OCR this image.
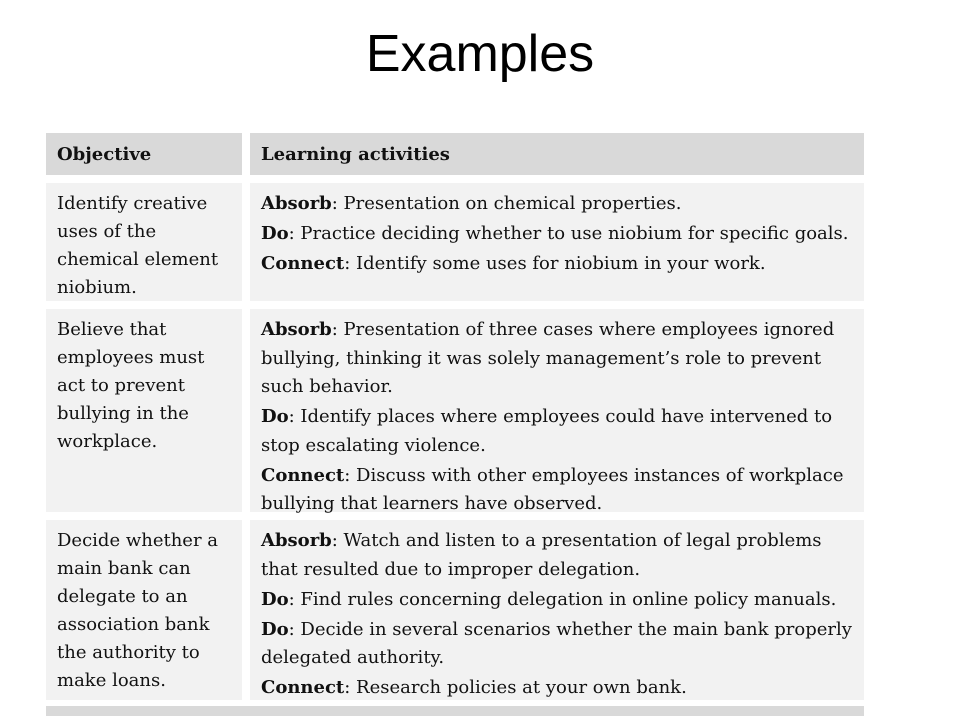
Examples
Objective	Learning activities
Identify creative uses of the chemical element niobium.

Absorb: Presentation on chemical properties.

Do: Practice deciding whether to use niobium for specific goals.

Connect: Identify some uses for niobium in your work.

Believe that employees must act to prevent bullying in the workplace.

Absorb: Presentation of three cases where employees ignored bullying, thinking it was solely management’s role to prevent such behavior.

Do: Identify places where employees could have intervened to stop escalating violence.

Connect: Discuss with other employees instances of workplace bullying that learners have observed.

Decide whether a main bank can delegate to an association bank the authority to make loans.

Absorb: Watch and listen to a presentation of legal problems that resulted due to improper delegation.

Do: Find rules concerning delegation in online policy manuals.

Do: Decide in several scenarios whether the main bank properly delegated authority.

Connect: Research policies at your own bank.
